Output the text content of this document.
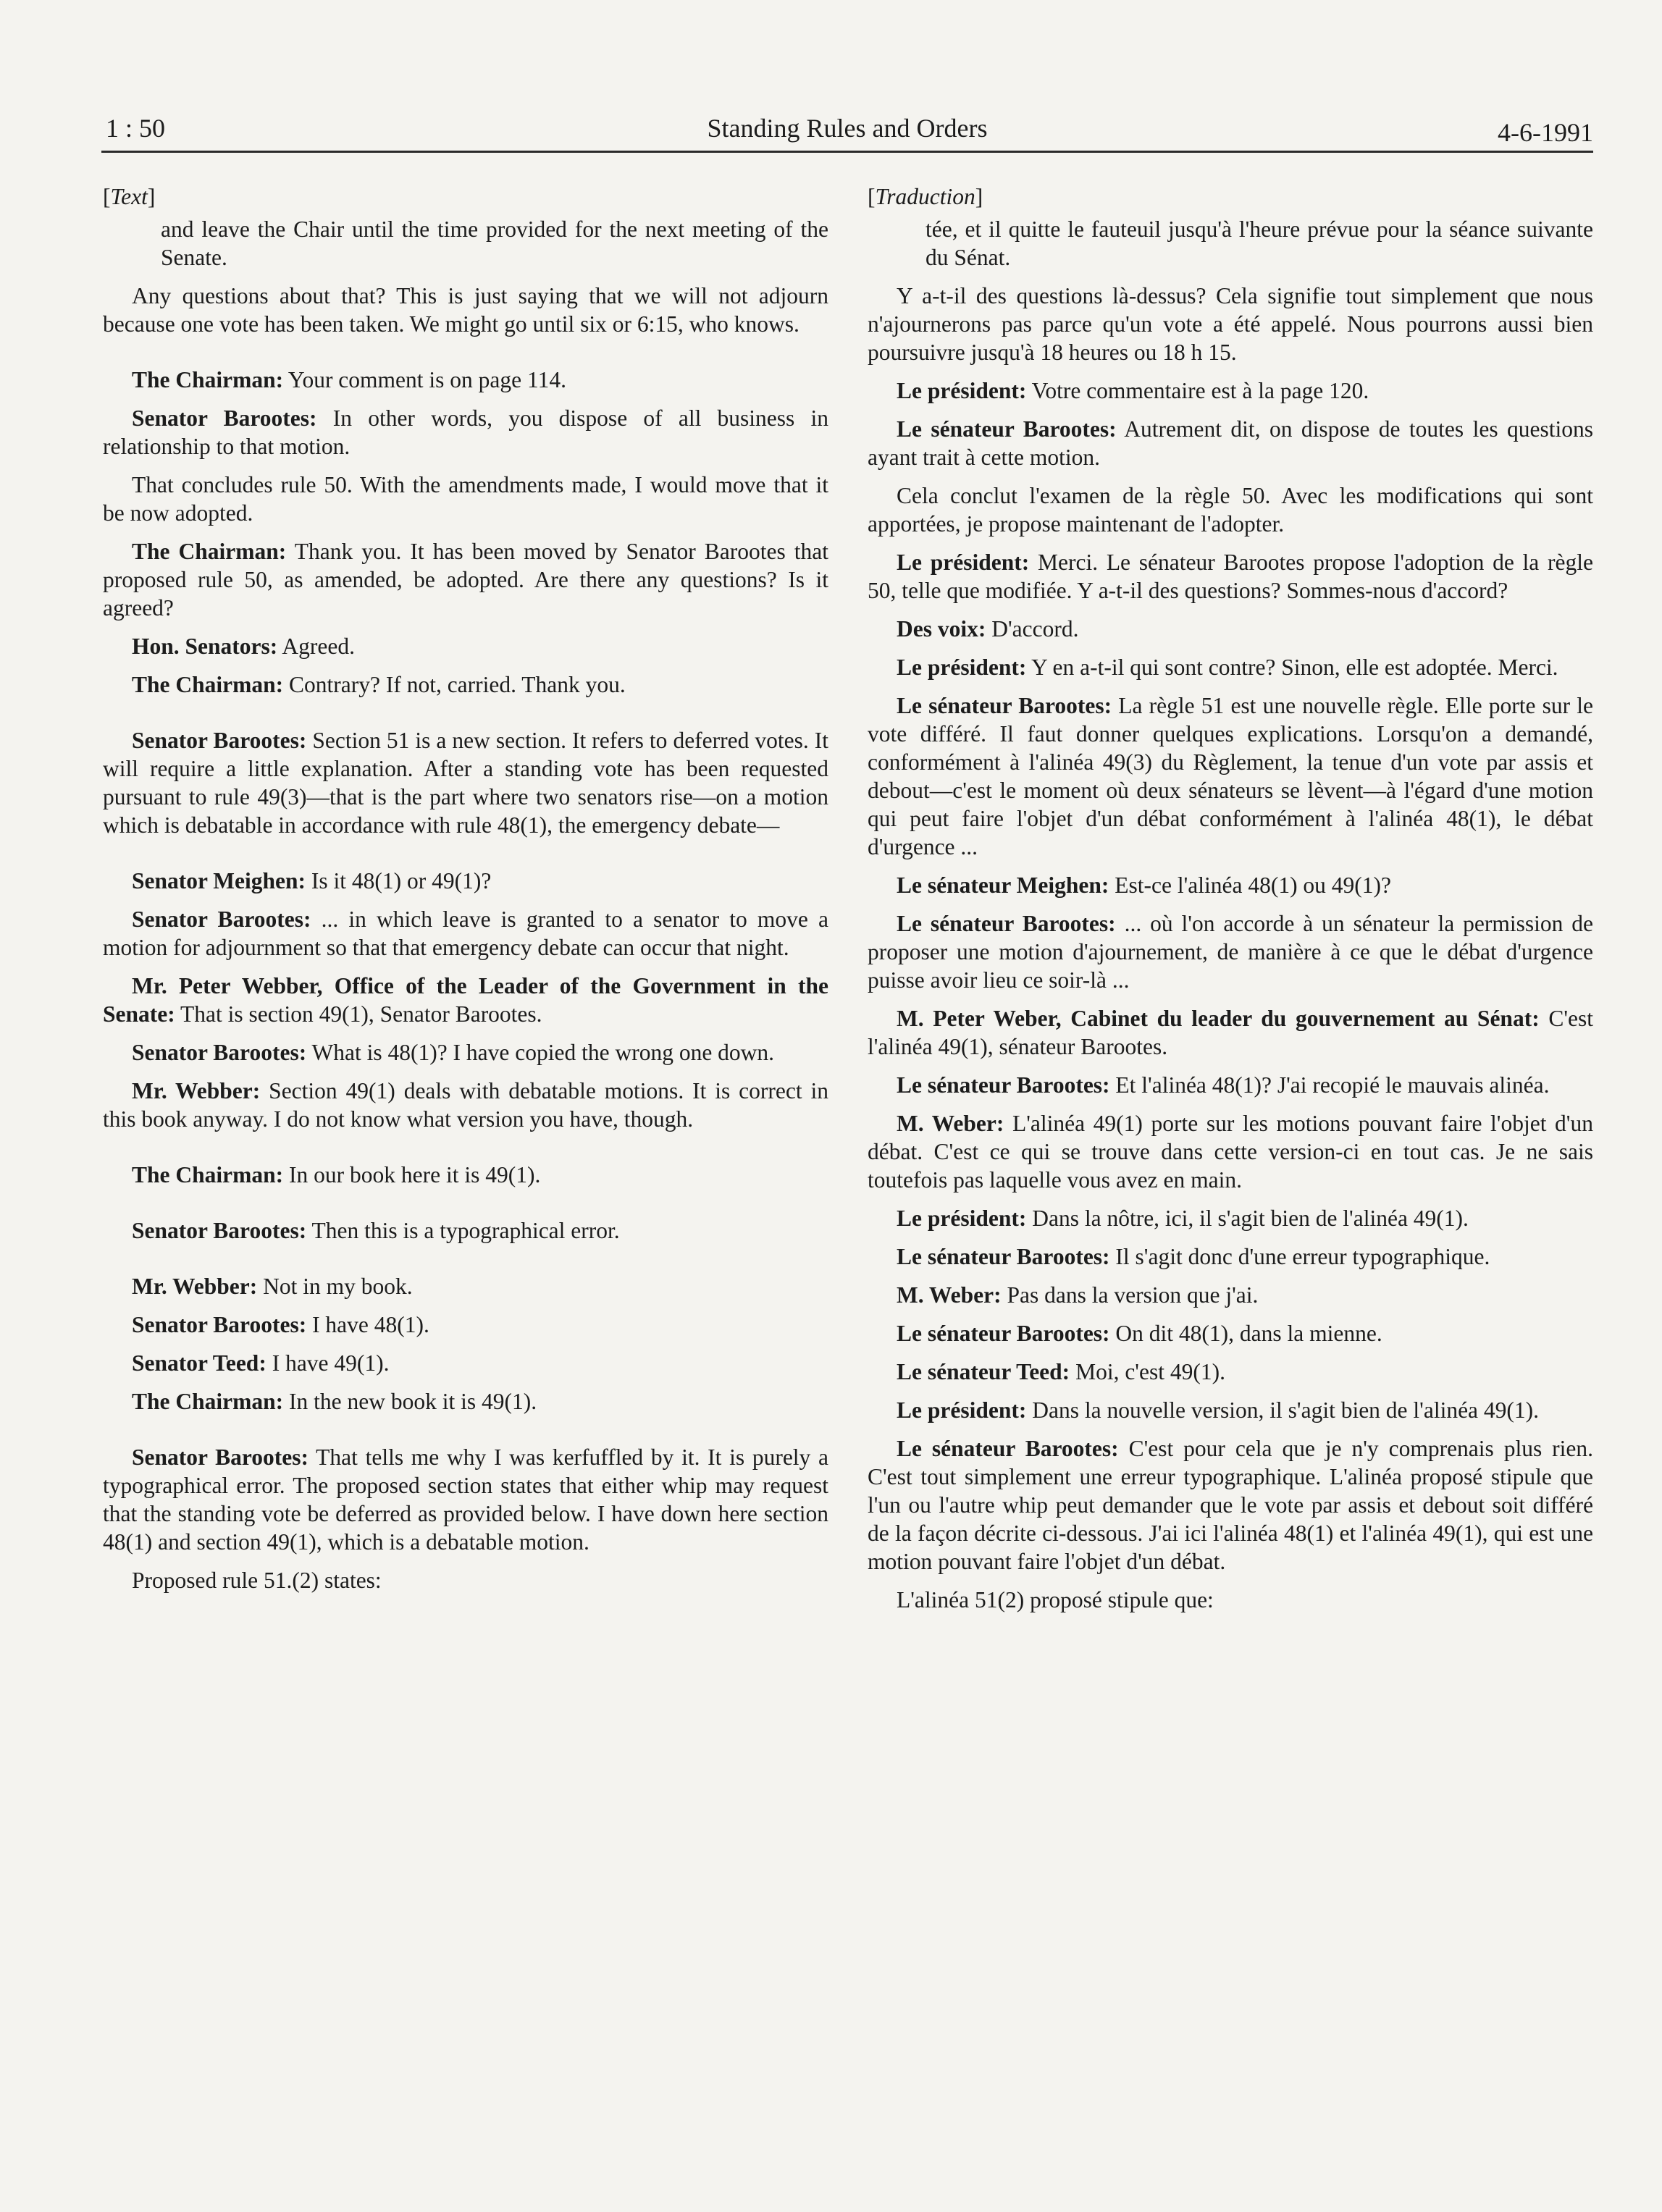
1 : 50	Standing Rules and Orders	4-6-1991
[Text]
and leave the Chair until the time provided for the next meeting of the Senate.
Any questions about that? This is just saying that we will not adjourn because one vote has been taken. We might go until six or 6:15, who knows.
The Chairman: Your comment is on page 114.
Senator Barootes: In other words, you dispose of all business in relationship to that motion.
That concludes rule 50. With the amendments made, I would move that it be now adopted.
The Chairman: Thank you. It has been moved by Senator Barootes that proposed rule 50, as amended, be adopted. Are there any questions? Is it agreed?
Hon. Senators: Agreed.
The Chairman: Contrary? If not, carried. Thank you.
Senator Barootes: Section 51 is a new section. It refers to deferred votes. It will require a little explanation. After a standing vote has been requested pursuant to rule 49(3)—that is the part where two senators rise—on a motion which is debatable in accordance with rule 48(1), the emergency debate—
Senator Meighen: Is it 48(1) or 49(1)?
Senator Barootes: ... in which leave is granted to a senator to move a motion for adjournment so that that emergency debate can occur that night.
Mr. Peter Webber, Office of the Leader of the Government in the Senate: That is section 49(1), Senator Barootes.
Senator Barootes: What is 48(1)? I have copied the wrong one down.
Mr. Webber: Section 49(1) deals with debatable motions. It is correct in this book anyway. I do not know what version you have, though.
The Chairman: In our book here it is 49(1).
Senator Barootes: Then this is a typographical error.
Mr. Webber: Not in my book.
Senator Barootes: I have 48(1).
Senator Teed: I have 49(1).
The Chairman: In the new book it is 49(1).
Senator Barootes: That tells me why I was kerfuffled by it. It is purely a typographical error. The proposed section states that either whip may request that the standing vote be deferred as provided below. I have down here section 48(1) and section 49(1), which is a debatable motion.
Proposed rule 51.(2) states:
[Traduction]
tée, et il quitte le fauteuil jusqu'à l'heure prévue pour la séance suivante du Sénat.
Y a-t-il des questions là-dessus? Cela signifie tout simplement que nous n'ajournerons pas parce qu'un vote a été appelé. Nous pourrons aussi bien poursuivre jusqu'à 18 heures ou 18 h 15.
Le président: Votre commentaire est à la page 120.
Le sénateur Barootes: Autrement dit, on dispose de toutes les questions ayant trait à cette motion.
Cela conclut l'examen de la règle 50. Avec les modifications qui sont apportées, je propose maintenant de l'adopter.
Le président: Merci. Le sénateur Barootes propose l'adoption de la règle 50, telle que modifiée. Y a-t-il des questions? Sommes-nous d'accord?
Des voix: D'accord.
Le président: Y en a-t-il qui sont contre? Sinon, elle est adoptée. Merci.
Le sénateur Barootes: La règle 51 est une nouvelle règle. Elle porte sur le vote différé. Il faut donner quelques explications. Lorsqu'on a demandé, conformément à l'alinéa 49(3) du Règlement, la tenue d'un vote par assis et debout—c'est le moment où deux sénateurs se lèvent—à l'égard d'une motion qui peut faire l'objet d'un débat conformément à l'alinéa 48(1), le débat d'urgence ...
Le sénateur Meighen: Est-ce l'alinéa 48(1) ou 49(1)?
Le sénateur Barootes: ... où l'on accorde à un sénateur la permission de proposer une motion d'ajournement, de manière à ce que le débat d'urgence puisse avoir lieu ce soir-là ...
M. Peter Weber, Cabinet du leader du gouvernement au Sénat: C'est l'alinéa 49(1), sénateur Barootes.
Le sénateur Barootes: Et l'alinéa 48(1)? J'ai recopié le mauvais alinéa.
M. Weber: L'alinéa 49(1) porte sur les motions pouvant faire l'objet d'un débat. C'est ce qui se trouve dans cette version-ci en tout cas. Je ne sais toutefois pas laquelle vous avez en main.
Le président: Dans la nôtre, ici, il s'agit bien de l'alinéa 49(1).
Le sénateur Barootes: Il s'agit donc d'une erreur typographique.
M. Weber: Pas dans la version que j'ai.
Le sénateur Barootes: On dit 48(1), dans la mienne.
Le sénateur Teed: Moi, c'est 49(1).
Le président: Dans la nouvelle version, il s'agit bien de l'alinéa 49(1).
Le sénateur Barootes: C'est pour cela que je n'y comprenais plus rien. C'est tout simplement une erreur typographique. L'alinéa proposé stipule que l'un ou l'autre whip peut demander que le vote par assis et debout soit différé de la façon décrite ci-dessous. J'ai ici l'alinéa 48(1) et l'alinéa 49(1), qui est une motion pouvant faire l'objet d'un débat.
L'alinéa 51(2) proposé stipule que:
